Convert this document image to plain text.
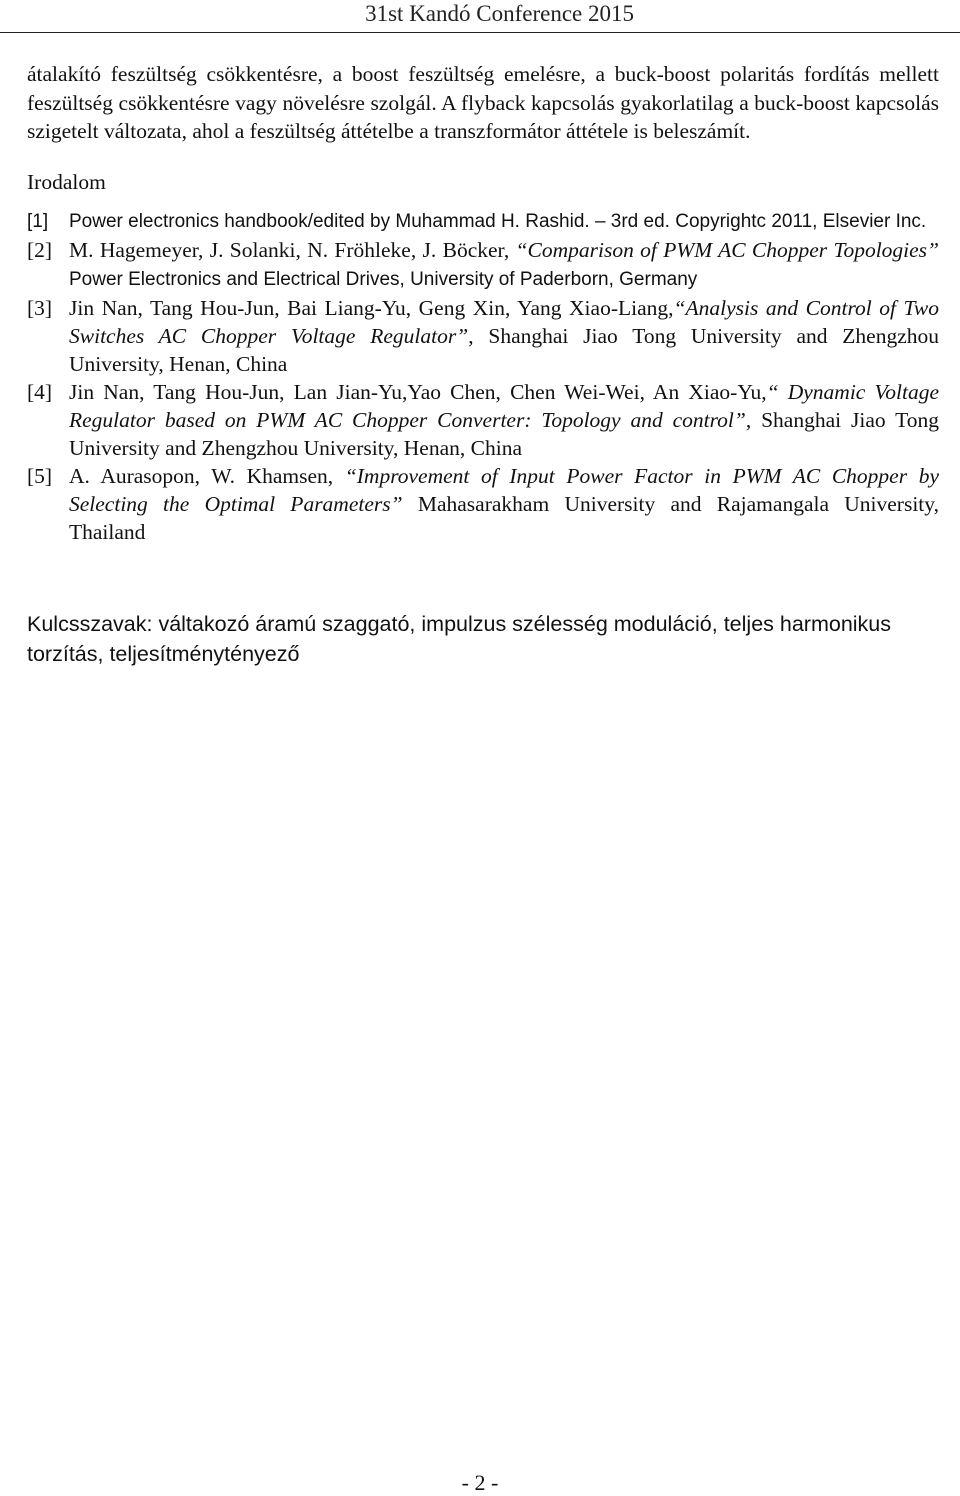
31st Kandó Conference 2015

átalakító feszültség csökkentésre, a boost feszültség emelésre, a buck-boost polaritás fordítás mellett feszültség csökkentésre vagy növelésre szolgál. A flyback kapcsolás gyakorlatilag a buck-boost kapcsolás szigetelt változata, ahol a feszültség áttételbe a transzformátor áttétele is beleszámít.

Irodalom
[1] Power electronics handbook/edited by Muhammad H. Rashid. – 3rd ed. Copyrightc 2011, Elsevier Inc.
[2] M. Hagemeyer, J. Solanki, N. Fröhleke, J. Böcker, “Comparison of PWM AC Chopper Topologies” Power Electronics and Electrical Drives, University of Paderborn, Germany
[3] Jin Nan, Tang Hou-Jun, Bai Liang-Yu, Geng Xin, Yang Xiao-Liang,“Analysis and Control of Two Switches AC Chopper Voltage Regulator”, Shanghai Jiao Tong University and Zhengzhou University, Henan, China
[4] Jin Nan, Tang Hou-Jun, Lan Jian-Yu,Yao Chen, Chen Wei-Wei, An Xiao-Yu,“ Dynamic Voltage Regulator based on PWM AC Chopper Converter: Topology and control”, Shanghai Jiao Tong University and Zhengzhou University, Henan, China
[5] A. Aurasopon, W. Khamsen, “Improvement of Input Power Factor in PWM AC Chopper by Selecting the Optimal Parameters” Mahasarakham University and Rajamangala University, Thailand
Kulcsszavak: váltakozó áramú szaggató, impulzus szélesség moduláció, teljes harmonikus torzítás, teljesítménytényező
- 2 -
